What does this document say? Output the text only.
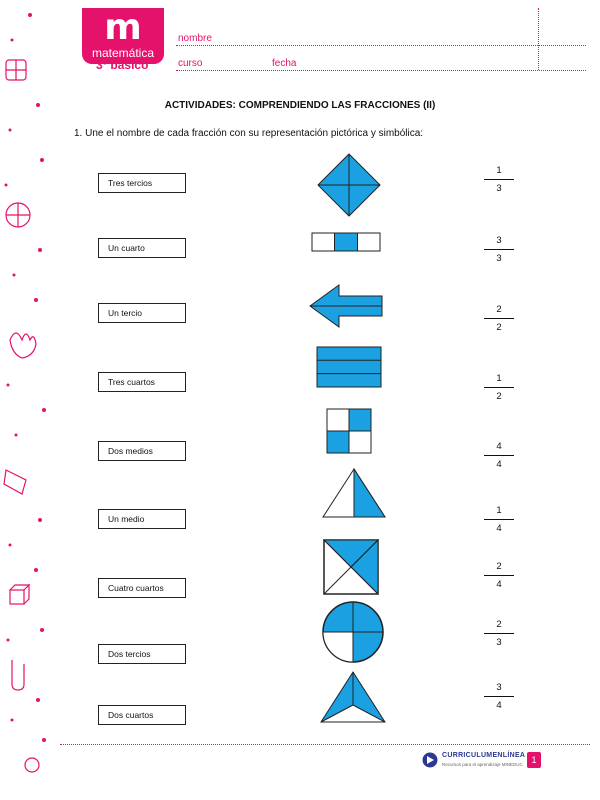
m
matemática
3º básico
nombre
curso	fecha
ACTIVIDADES: COMPRENDIENDO LAS FRACCIONES (II)
1. Une el nombre de cada fracción con su representación pictórica y simbólica:
Tres tercios
Un cuarto
Un tercio
Tres cuartos
Dos medios
Un medio
Cuatro cuartos
Dos tercios
Dos cuartos
1
3
3
3
2
2
1
2
4
4
1
4
2
4
2
3
3
4
CURRICULUMENLÍNEA
Recursos para el aprendizaje MINEDUC 1
